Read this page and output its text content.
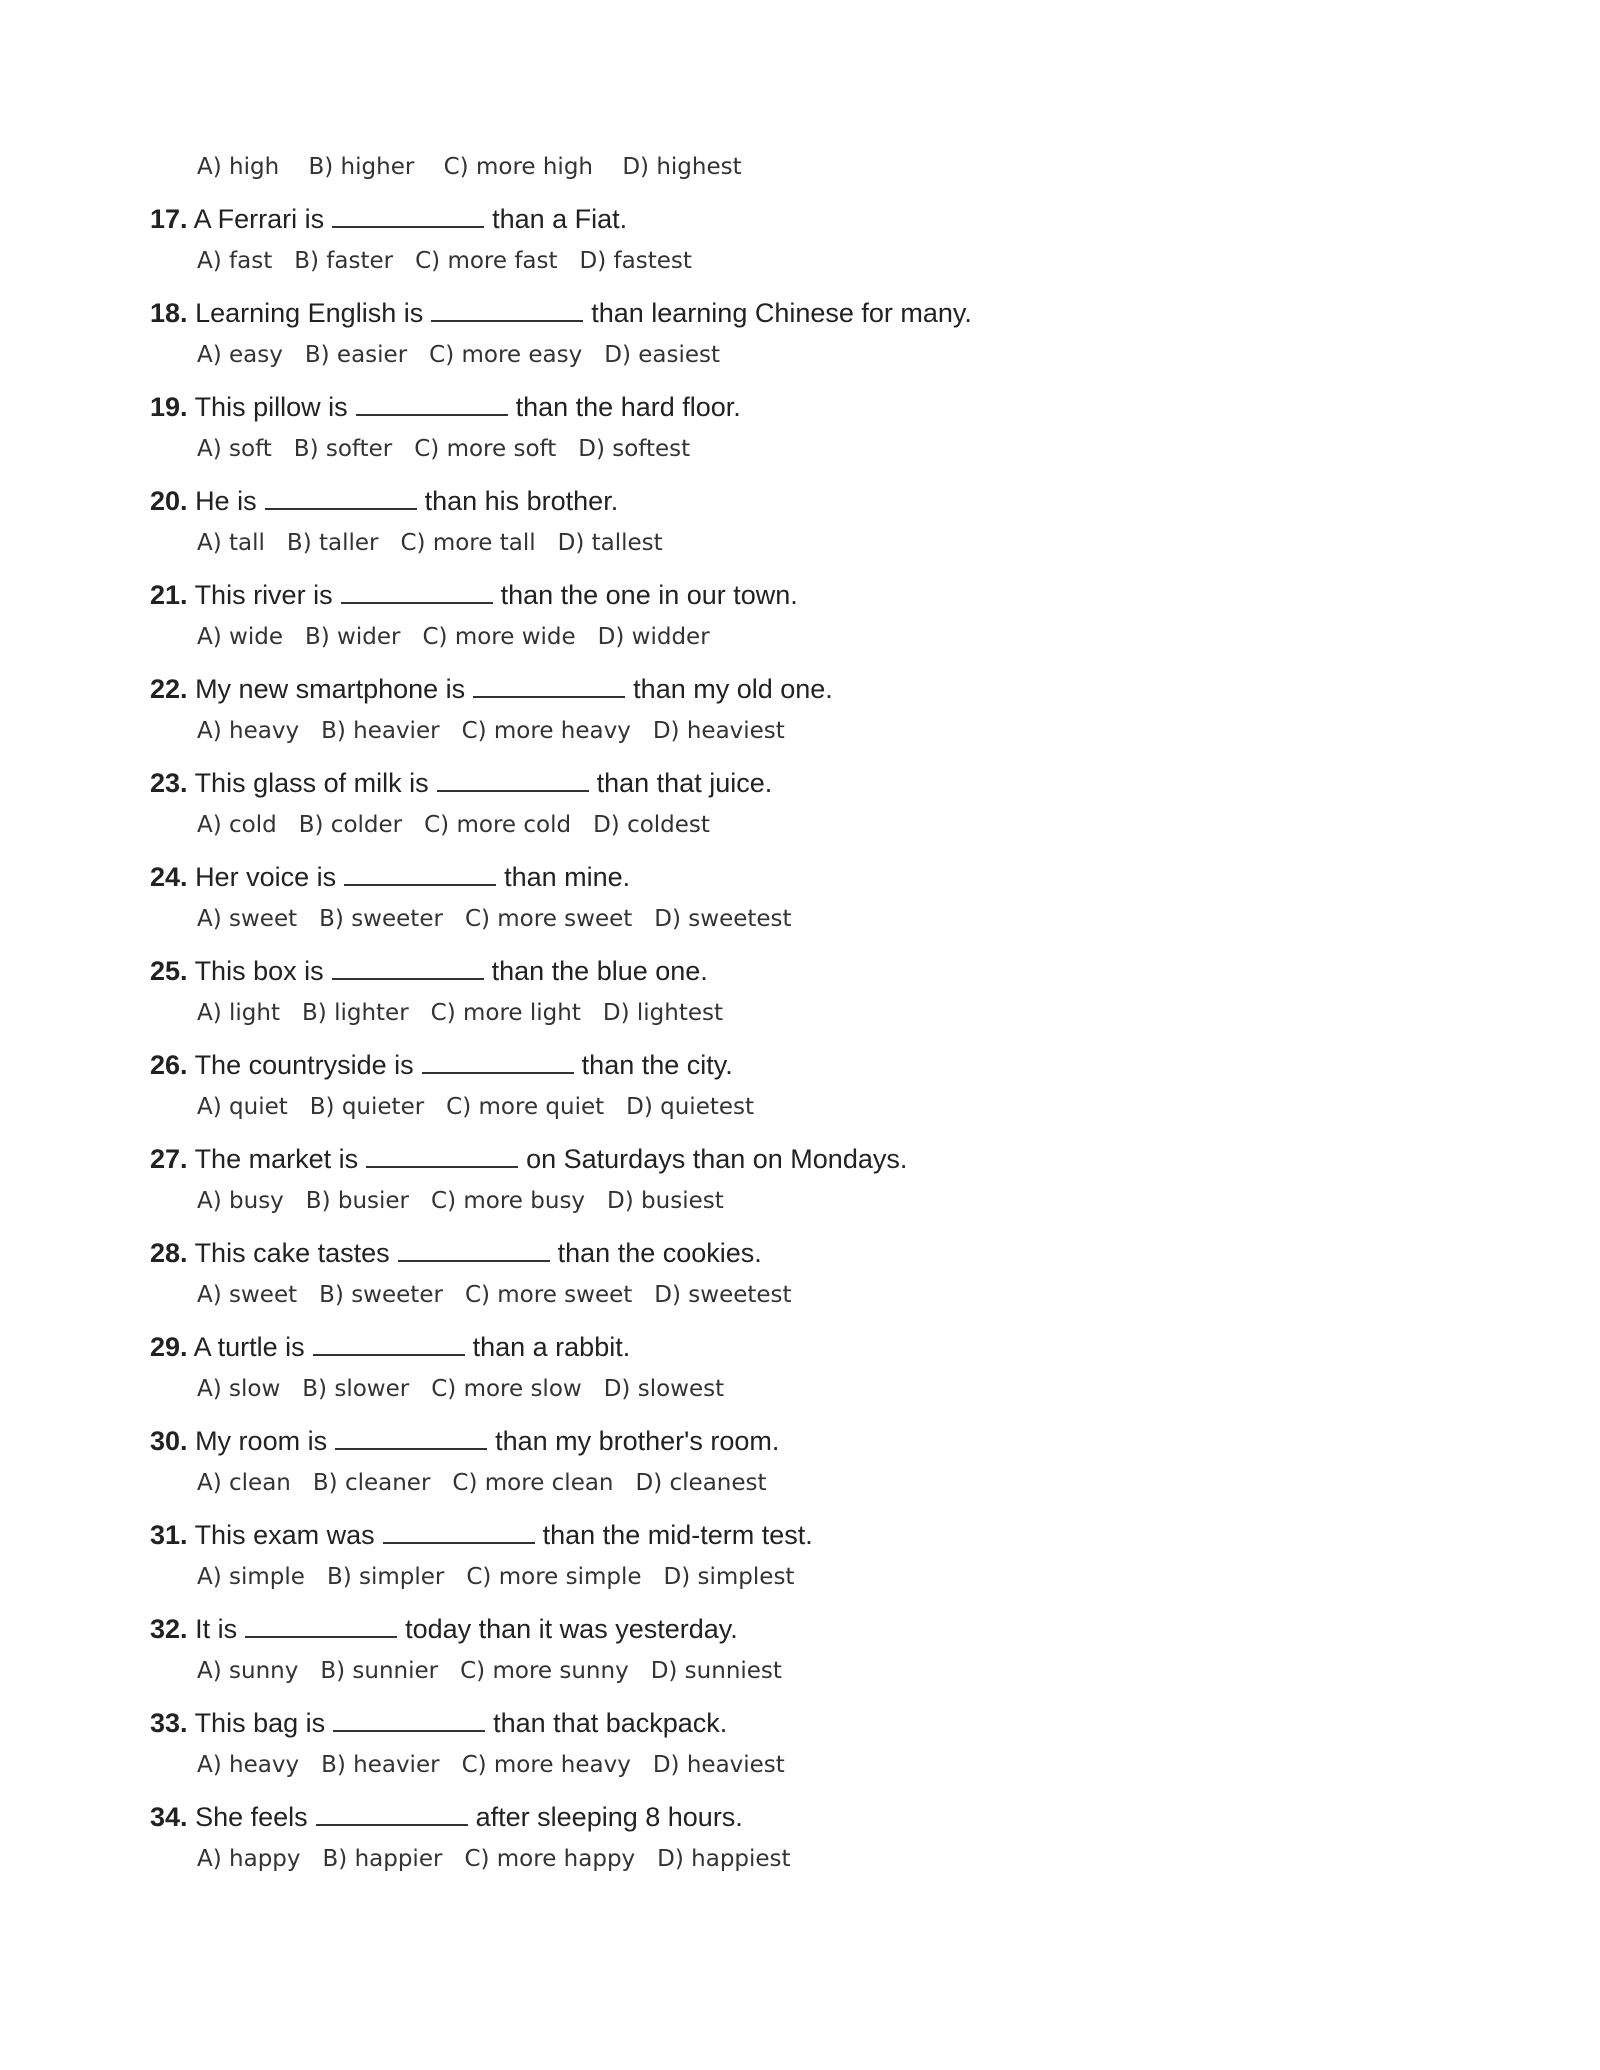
A) high B) higher C) more high D) highest
17. A Ferrari is	than a Fiat.
A) fast B) faster C) more fast D) fastest
18. Learning English is	than learning Chinese for many.
A) easy B) easier C) more easy D) easiest
19. This pillow is	than the hard floor.
A) soft B) softer C) more soft D) softest
20. He is	than his brother.
A) tall B) taller C) more tall D) tallest
21. This river is	than the one in our town.
A) wide B) wider C) more wide D) widder
22. My new smartphone is	than my old one.
A) heavy B) heavier C) more heavy D) heaviest
23. This glass of milk is	than that juice.
A) cold B) colder C) more cold D) coldest
24. Her voice is	than mine.
A) sweet B) sweeter C) more sweet D) sweetest
25. This box is	than the blue one.
A) light B) lighter C) more light D) lightest
26. The countryside is	than the city.
A) quiet B) quieter C) more quiet D) quietest
27. The market is	on Saturdays than on Mondays.
A) busy B) busier C) more busy D) busiest
28. This cake tastes	than the cookies.
A) sweet B) sweeter C) more sweet D) sweetest
29. A turtle is	than a rabbit.
A) slow B) slower C) more slow D) slowest
30. My room is	than my brother's room.
A) clean B) cleaner C) more clean D) cleanest
31. This exam was	than the mid-term test.
A) simple B) simpler C) more simple D) simplest
32. It is	today than it was yesterday.
A) sunny B) sunnier C) more sunny D) sunniest
33. This bag is	than that backpack.
A) heavy B) heavier C) more heavy D) heaviest
34. She feels	after sleeping 8 hours.
A) happy B) happier C) more happy D) happiest
